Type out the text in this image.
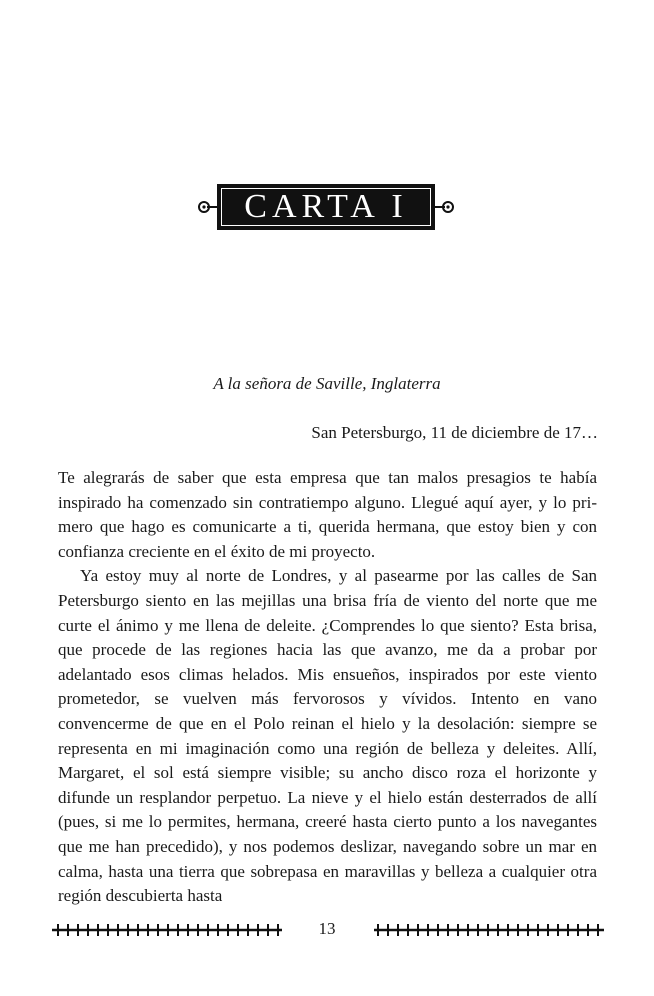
CARTA I
A la señora de Saville, Inglaterra
San Petersburgo, 11 de diciembre de 17…

Te alegrarás de saber que esta empresa que tan malos presagios te había inspirado ha comenzado sin contratiempo alguno. Llegué aquí ayer, y lo primero que hago es comunicarte a ti, querida hermana, que estoy bien y con confianza creciente en el éxito de mi proyecto.

Ya estoy muy al norte de Londres, y al pasearme por las calles de San Petersburgo siento en las mejillas una brisa fría de viento del norte que me curte el ánimo y me llena de deleite. ¿Comprendes lo que siento? Esta brisa, que procede de las regiones hacia las que avanzo, me da a probar por adelantado esos climas helados. Mis ensueños, inspirados por este viento prometedor, se vuelven más fervorosos y vívidos. Intento en vano convencerme de que en el Polo reinan el hielo y la desolación: siempre se representa en mi imaginación como una región de belleza y deleites. Allí, Margaret, el sol está siempre visible; su ancho disco roza el horizonte y difunde un resplandor perpetuo. La nieve y el hielo están desterrados de allí (pues, si me lo permites, hermana, creeré hasta cierto punto a los navegantes que me han precedido), y nos podemos deslizar, navegando sobre un mar en calma, hasta una tierra que sobrepasa en maravillas y belleza a cualquier otra región descubierta hasta

13
